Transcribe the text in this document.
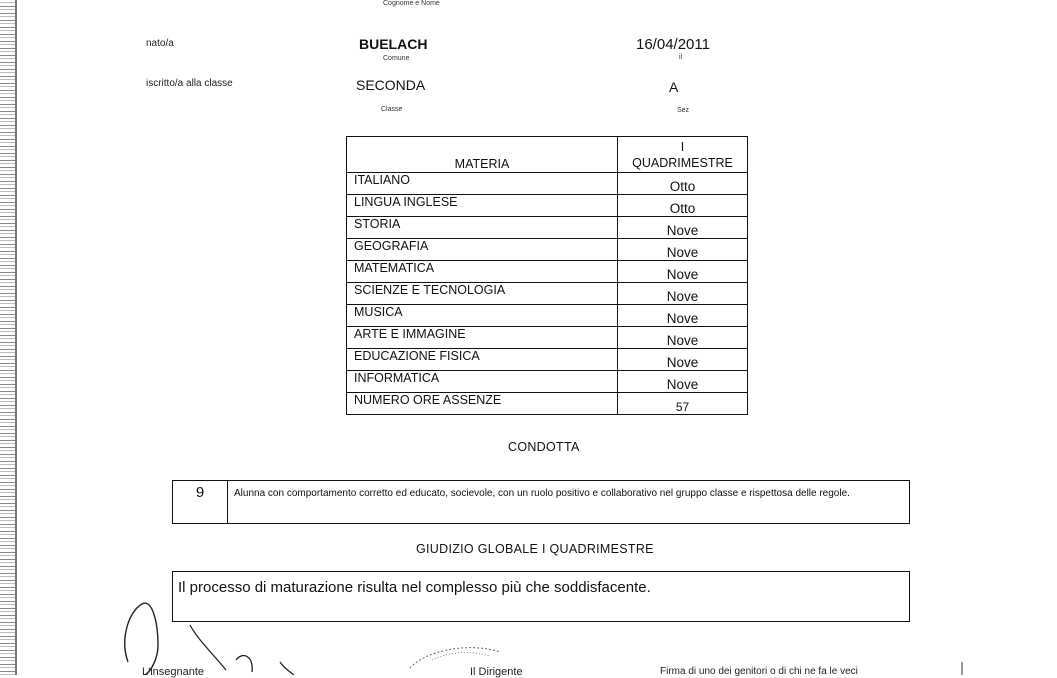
Cognome e Nome
nato/a	BUELACH
Comune
16/04/2011
il
iscritto/a alla classe	SECONDA
Classe
A
Sez
MATERIA	I
QUADRIMESTRE

ITALIANO	Otto
LINGUA INGLESE	Otto
STORIA	Nove
GEOGRAFIA	Nove
MATEMATICA	Nove
SCIENZE E TECNOLOGIA	Nove
MUSICA	Nove
ARTE E IMMAGINE	Nove
EDUCAZIONE FISICA	Nove
INFORMATICA	Nove
NUMERO ORE ASSENZE	57
CONDOTTA
9	Alunna con comportamento corretto ed educato, socievole, con un ruolo positivo e collaborativo nel gruppo classe e rispettosa delle regole.
GIUDIZIO GLOBALE I QUADRIMESTRE
Il processo di maturazione risulta nel complesso più che soddisfacente.
L'insegnante	Il Dirigente	Firma di uno dei genitori o di chi ne fa le veci
